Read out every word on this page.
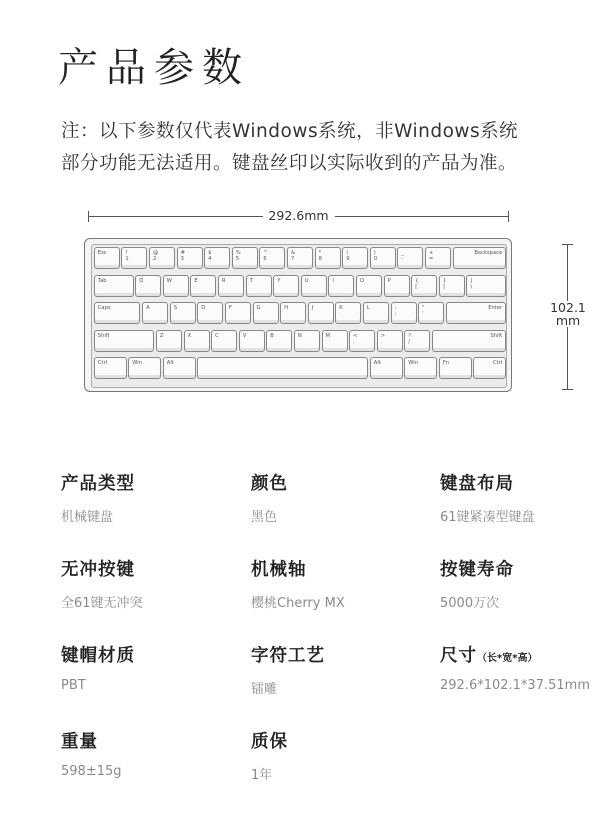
产品参数

注：以下参数仅代表Windows系统，非Windows系统

部分功能无法适用。键盘丝印以实际收到的产品为准。

292.6mm
102.1
mm
Esc	!
1
@
2
#
3
$
4
%
5
^
6
&
7
*
8
(
9
)
0
_
-
+
=
Backspace
Tab	Q	W	E	R	T	Y	U	I	O	P	{
[
}
]
|
\
Caps	A	S	D	F	G	H	J	K	L	:
;
"
'
Enter
Shift	Z	X	C	V	B	N	M	<
,
>
.
?
/
Shift
Ctrl	Win	Alt	Alt	Win	Fn	Ctrl
产品类型
机械键盘
颜色
黑色
键盘布局
61键紧凑型键盘
无冲按键
全61键无冲突
机械轴
樱桃Cherry MX
按键寿命
5000万次
键帽材质
PBT
字符工艺
镭雕
尺寸（长*宽*高）
292.6*102.1*37.51mm
重量
598±15g
质保
1年
